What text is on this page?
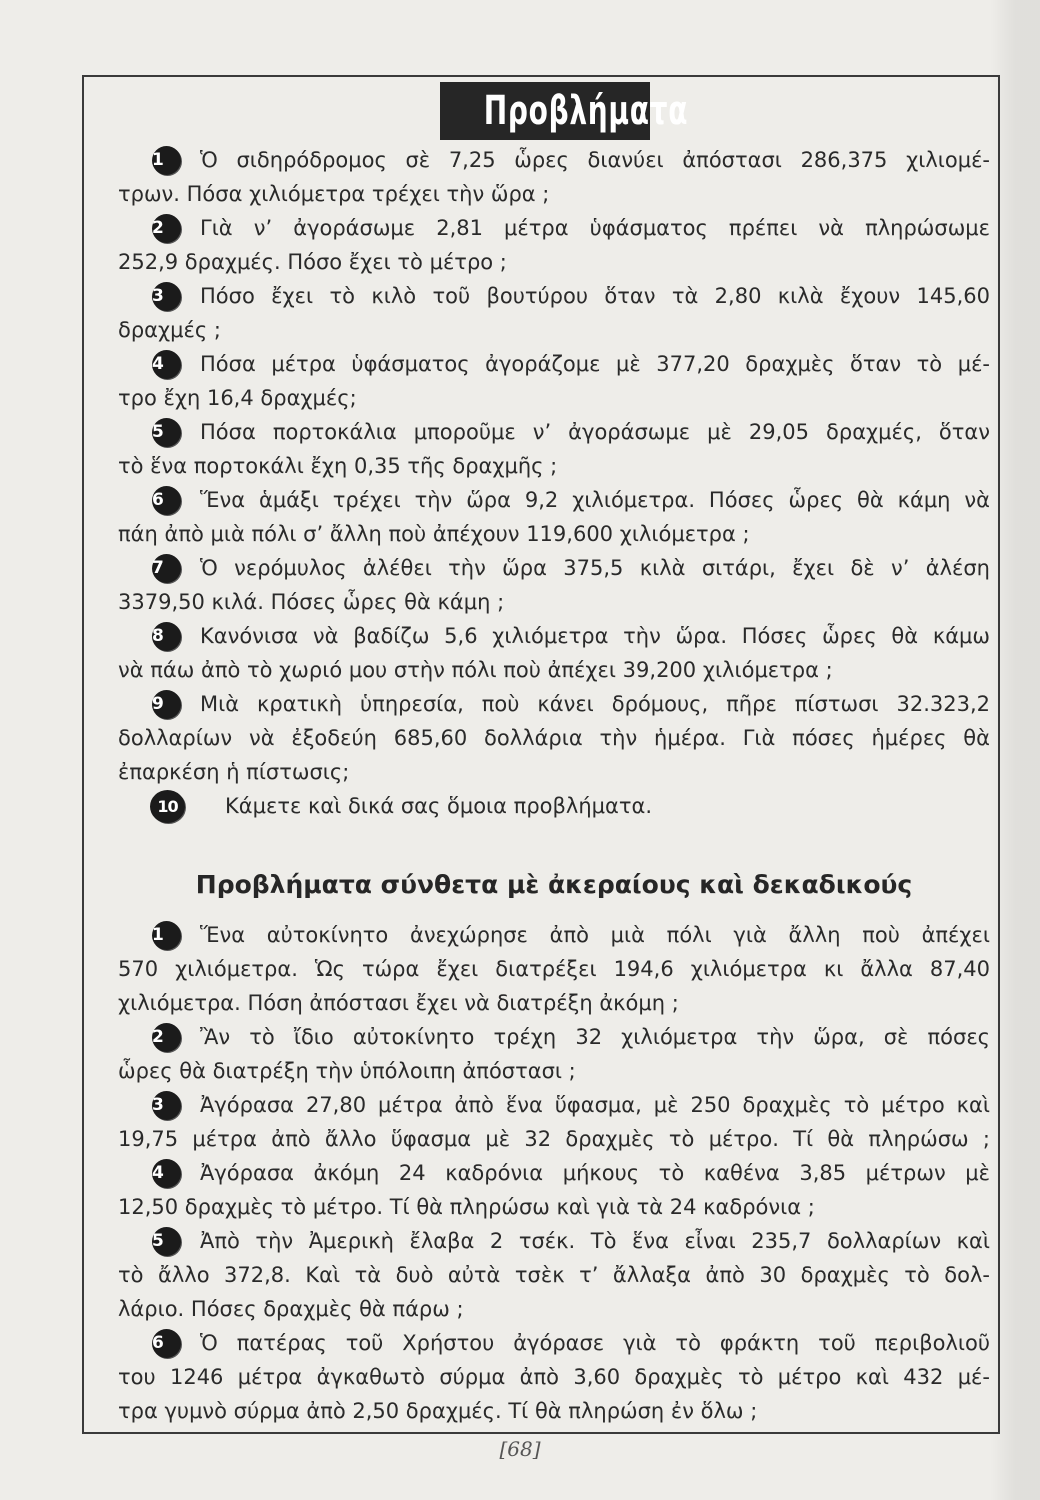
Προβλήματα
1	Ὁ σιδηρόδρομος σὲ 7,25 ὧρες διανύει ἀπόστασι 286,375 χιλιομέ-
τρων. Πόσα χιλιόμετρα τρέχει τὴν ὥρα ;
2	Γιὰ ν’ ἀγοράσωμε 2,81 μέτρα ὑφάσματος πρέπει νὰ πληρώσωμε
252,9 δραχμές. Πόσο ἔχει τὸ μέτρο ;
3	Πόσο ἔχει τὸ κιλὸ τοῦ βουτύρου ὅταν τὰ 2,80 κιλὰ ἔχουν 145,60
δραχμές ;
4	Πόσα μέτρα ὑφάσματος ἀγοράζομε μὲ 377,20 δραχμὲς ὅταν τὸ μέ-
τρο ἔχη 16,4 δραχμές;
5	Πόσα πορτοκάλια μποροῦμε ν’ ἀγοράσωμε μὲ 29,05 δραχμές, ὅταν
τὸ ἕνα πορτοκάλι ἔχη 0,35 τῆς δραχμῆς ;
6	Ἕνα ἁμάξι τρέχει τὴν ὥρα 9,2 χιλιόμετρα. Πόσες ὧρες θὰ κάμη νὰ
πάη ἀπὸ μιὰ πόλι σ’ ἄλλη ποὺ ἀπέχουν 119,600 χιλιόμετρα ;
7	Ὁ νερόμυλος ἀλέθει τὴν ὥρα 375,5 κιλὰ σιτάρι, ἔχει δὲ ν’ ἀλέση
3379,50 κιλά. Πόσες ὧρες θὰ κάμη ;
8	Κανόνισα νὰ βαδίζω 5,6 χιλιόμετρα τὴν ὥρα. Πόσες ὧρες θὰ κάμω
νὰ πάω ἀπὸ τὸ χωριό μου στὴν πόλι ποὺ ἀπέχει 39,200 χιλιόμετρα ;
9	Μιὰ κρατικὴ ὑπηρεσία, ποὺ κάνει δρόμους, πῆρε πίστωσι 32.323,2
δολλαρίων νὰ ἐξοδεύη 685,60 δολλάρια τὴν ἡμέρα. Γιὰ πόσες ἡμέρες θὰ
ἐπαρκέση ἡ πίστωσις;
10	Κάμετε καὶ δικά σας ὅμοια προβλήματα.
Προβλήματα σύνθετα μὲ ἀκεραίους καὶ δεκαδικούς
1	Ἕνα αὐτοκίνητο ἀνεχώρησε ἀπὸ μιὰ πόλι γιὰ ἄλλη ποὺ ἀπέχει
570 χιλιόμετρα. Ὡς τώρα ἔχει διατρέξει 194,6 χιλιόμετρα κι ἄλλα 87,40
χιλιόμετρα. Πόση ἀπόστασι ἔχει νὰ διατρέξη ἀκόμη ;
2	Ἂν τὸ ἴδιο αὐτοκίνητο τρέχη 32 χιλιόμετρα τὴν ὥρα, σὲ πόσες
ὧρες θὰ διατρέξη τὴν ὑπόλοιπη ἀπόστασι ;
3	Ἀγόρασα 27,80 μέτρα ἀπὸ ἕνα ὕφασμα, μὲ 250 δραχμὲς τὸ μέτρο καὶ
19,75 μέτρα ἀπὸ ἄλλο ὕφασμα μὲ 32 δραχμὲς τὸ μέτρο. Τί θὰ πληρώσω ;
4	Ἀγόρασα ἀκόμη 24 καδρόνια μήκους τὸ καθένα 3,85 μέτρων μὲ
12,50 δραχμὲς τὸ μέτρο. Τί θὰ πληρώσω καὶ γιὰ τὰ 24 καδρόνια ;
5	Ἀπὸ τὴν Ἀμερικὴ ἔλαβα 2 τσέκ. Τὸ ἕνα εἶναι 235,7 δολλαρίων καὶ
τὸ ἄλλο 372,8. Καὶ τὰ δυὸ αὐτὰ τσὲκ τ’ ἄλλαξα ἀπὸ 30 δραχμὲς τὸ δολ-
λάριο. Πόσες δραχμὲς θὰ πάρω ;
6	Ὁ πατέρας τοῦ Χρήστου ἀγόρασε γιὰ τὸ φράκτη τοῦ περιβολιοῦ
του 1246 μέτρα ἀγκαθωτὸ σύρμα ἀπὸ 3,60 δραχμὲς τὸ μέτρο καὶ 432 μέ-
τρα γυμνὸ σύρμα ἀπὸ 2,50 δραχμές. Τί θὰ πληρώση ἐν ὅλω ;
[68]
